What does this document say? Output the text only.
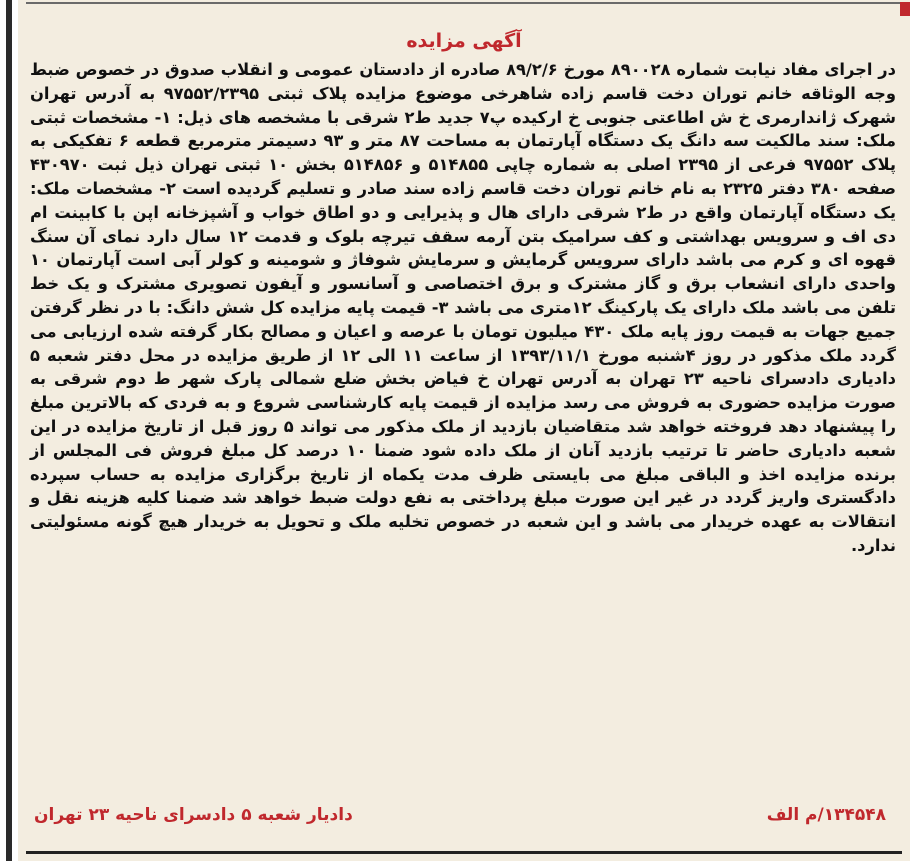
آگهی مزایده
در اجرای مفاد نیابت شماره ۸۹۰۰۲۸ مورخ ۸۹/۲/۶ صادره از دادستان عمومی و انقلاب صدوق در خصوص ضبط وجه الوثاقه خانم توران دخت قاسم زاده شاهرخی موضوع مزایده پلاک ثبتی ۹۷۵۵۲/۲۳۹۵ به آدرس تهران شهرک ژاندارمری خ ش اطاعتی جنوبی خ ارکیده پ۷ جدید ط۲ شرقی با مشخصه های ذیل: ۱- مشخصات ثبتی ملک: سند مالکیت سه دانگ یک دستگاه آپارتمان به مساحت ۸۷ متر و ۹۳ دسیمتر مترمربع قطعه ۶ تفکیکی به پلاک ۹۷۵۵۲ فرعی از ۲۳۹۵ اصلی به شماره چاپی ۵۱۴۸۵۵ و ۵۱۴۸۵۶ بخش ۱۰ ثبتی تهران ذیل ثبت ۴۳۰۹۷۰ صفحه ۳۸۰ دفتر ۲۳۲۵ به نام خانم توران دخت قاسم زاده سند صادر و تسلیم گردیده است ۲- مشخصات ملک: یک دستگاه آپارتمان واقع در ط۲ شرقی دارای هال و پذیرایی و دو اطاق خواب و آشپزخانه اپن با کابینت ام دی اف و سرویس بهداشتی و کف سرامیک بتن آرمه سقف تیرچه بلوک و قدمت ۱۲ سال دارد نمای آن سنگ قهوه ای و کرم می باشد دارای سرویس گرمایش و سرمایش شوفاژ و شومینه و کولر آبی است آپارتمان ۱۰ واحدی دارای انشعاب برق و گاز مشترک و برق اختصاصی و آسانسور و آیفون تصویری مشترک و یک خط تلفن می باشد ملک دارای یک پارکینگ ۱۲متری می باشد ۳- قیمت پایه مزایده کل شش دانگ: با در نظر گرفتن جمیع جهات به قیمت روز پایه ملک ۴۳۰ میلیون تومان با عرصه و اعیان و مصالح بکار گرفته شده ارزیابی می گردد ملک مذکور در روز ۴شنبه مورخ ۱۳۹۳/۱۱/۱ از ساعت ۱۱ الی ۱۲ از طریق مزایده در محل دفتر شعبه ۵ دادیاری دادسرای ناحیه ۲۳ تهران به آدرس تهران خ فیاض بخش ضلع شمالی پارک شهر ط دوم شرقی به صورت مزایده حضوری به فروش می رسد مزایده از قیمت پایه کارشناسی شروع و به فردی که بالاترین مبلغ را پیشنهاد دهد فروخته خواهد شد متقاضیان بازدید از ملک مذکور می تواند ۵ روز قبل از تاریخ مزایده در این شعبه دادیاری حاضر تا ترتیب بازدید آنان از ملک داده شود ضمنا ۱۰ درصد کل مبلغ فروش فی المجلس از برنده مزایده اخذ و الباقی مبلغ می بایستی ظرف مدت یکماه از تاریخ برگزاری مزایده به حساب سپرده دادگستری واریز گردد در غیر این صورت مبلغ پرداختی به نفع دولت ضبط خواهد شد ضمنا کلیه هزینه نقل و انتقالات به عهده خریدار می باشد و این شعبه در خصوص تخلیه ملک و تحویل به خریدار هیچ گونه مسئولیتی ندارد.
۱۳۴۵۴۸/م الف
دادیار شعبه ۵ دادسرای ناحیه ۲۳ تهران
